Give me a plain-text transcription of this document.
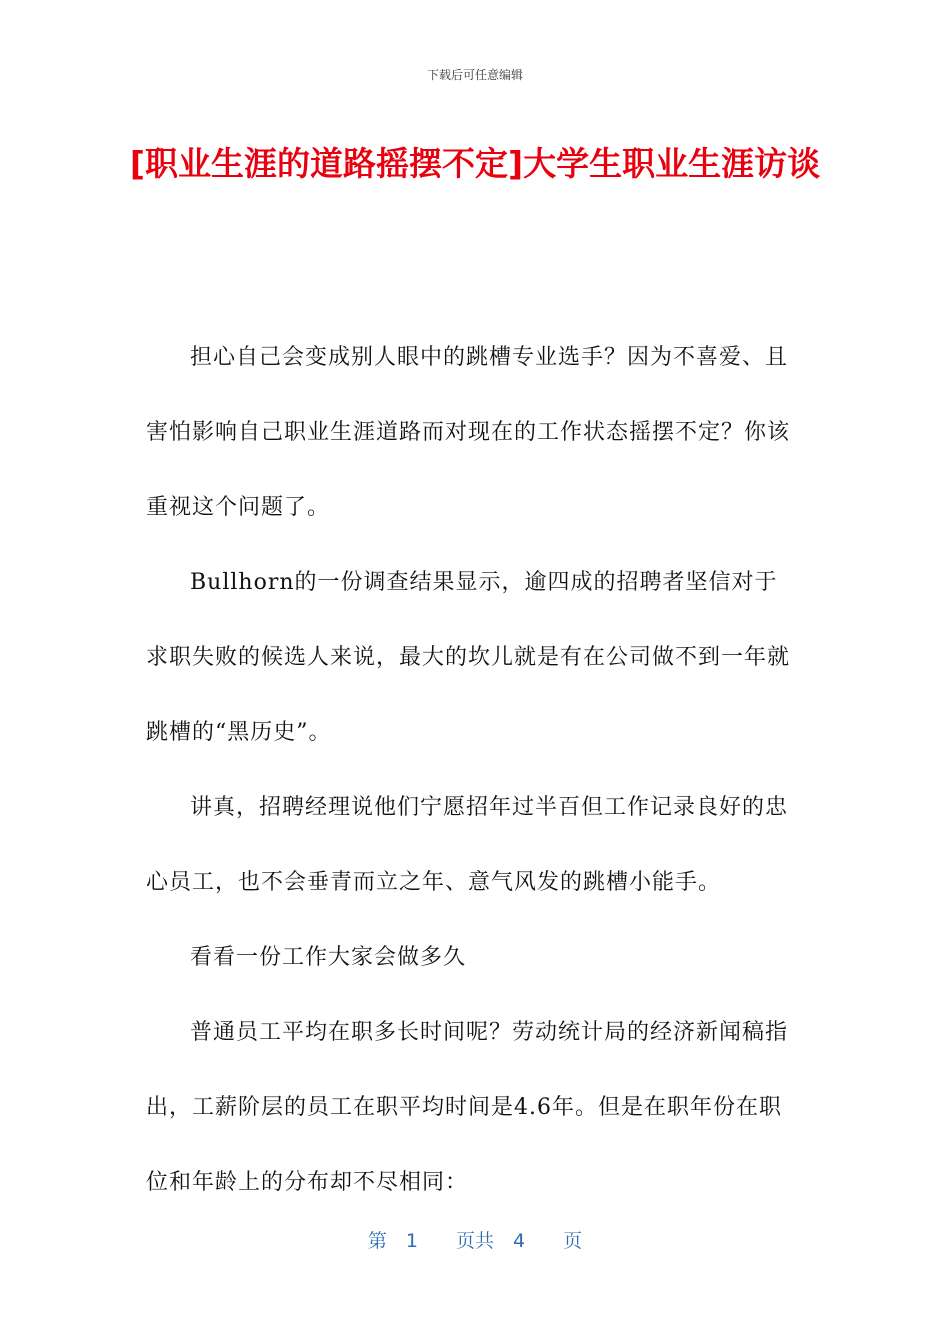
下载后可任意编辑
[职业生涯的道路摇摆不定]大学生职业生涯访谈

担心自己会变成别人眼中的跳槽专业选手？因为不喜爱、且害怕影响自己职业生涯道路而对现在的工作状态摇摆不定？你该重视这个问题了。

Bullhorn的一份调查结果显示，逾四成的招聘者坚信对于求职失败的候选人来说，最大的坎儿就是有在公司做不到一年就跳槽的“黑历史”。

讲真，招聘经理说他们宁愿招年过半百但工作记录良好的忠心员工，也不会垂青而立之年、意气风发的跳槽小能手。

看看一份工作大家会做多久

普通员工平均在职多长时间呢？劳动统计局的经济新闻稿指出，工薪阶层的员工在职平均时间是4.6年。但是在职年份在职位和年龄上的分布却不尽相同：

第　1　　页共　4　　页
